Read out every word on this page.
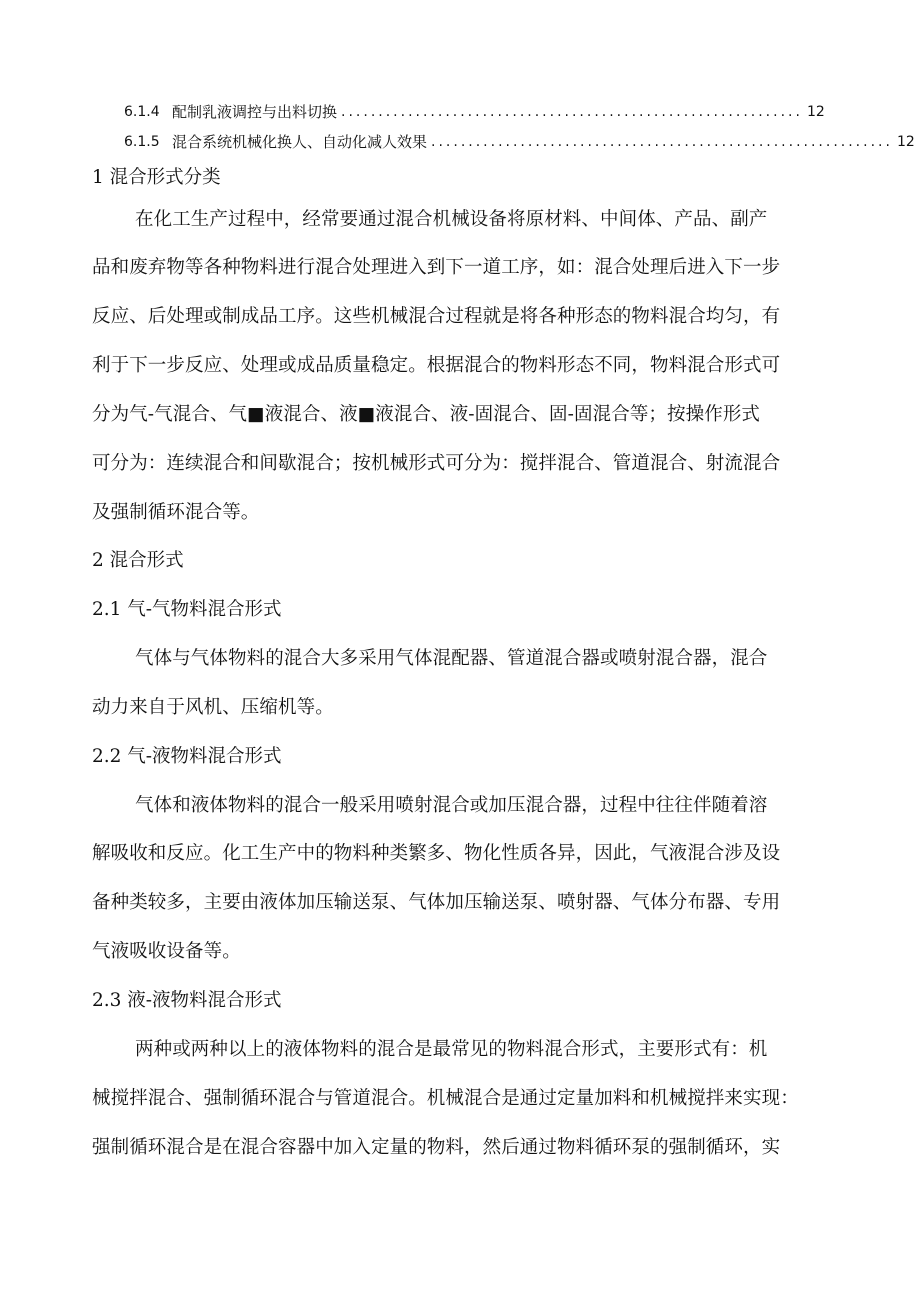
6.1.4 配制乳液调控与出料切换 .............................................................. 12
6.1.5 混合系统机械化换人、自动化减人效果 .............................................................. 12
1 混合形式分类
在化工生产过程中，经常要通过混合机械设备将原材料、中间体、产品、副产
品和废弃物等各种物料进行混合处理进入到下一道工序，如：混合处理后进入下一步
反应、后处理或制成品工序。这些机械混合过程就是将各种形态的物料混合均匀，有
利于下一步反应、处理或成品质量稳定。根据混合的物料形态不同，物料混合形式可
分为气-气混合、气■液混合、液■液混合、液-固混合、固-固混合等；按操作形式
可分为：连续混合和间歇混合；按机械形式可分为：搅拌混合、管道混合、射流混合
及强制循环混合等。
2 混合形式
2.1 气-气物料混合形式
气体与气体物料的混合大多采用气体混配器、管道混合器或喷射混合器，混合
动力来自于风机、压缩机等。
2.2 气-液物料混合形式
气体和液体物料的混合一般采用喷射混合或加压混合器，过程中往往伴随着溶
解吸收和反应。化工生产中的物料种类繁多、物化性质各异，因此，气液混合涉及设
备种类较多，主要由液体加压输送泵、气体加压输送泵、喷射器、气体分布器、专用
气液吸收设备等。
2.3 液-液物料混合形式
两种或两种以上的液体物料的混合是最常见的物料混合形式，主要形式有：机
械搅拌混合、强制循环混合与管道混合。机械混合是通过定量加料和机械搅拌来实现：
强制循环混合是在混合容器中加入定量的物料，然后通过物料循环泵的强制循环，实
